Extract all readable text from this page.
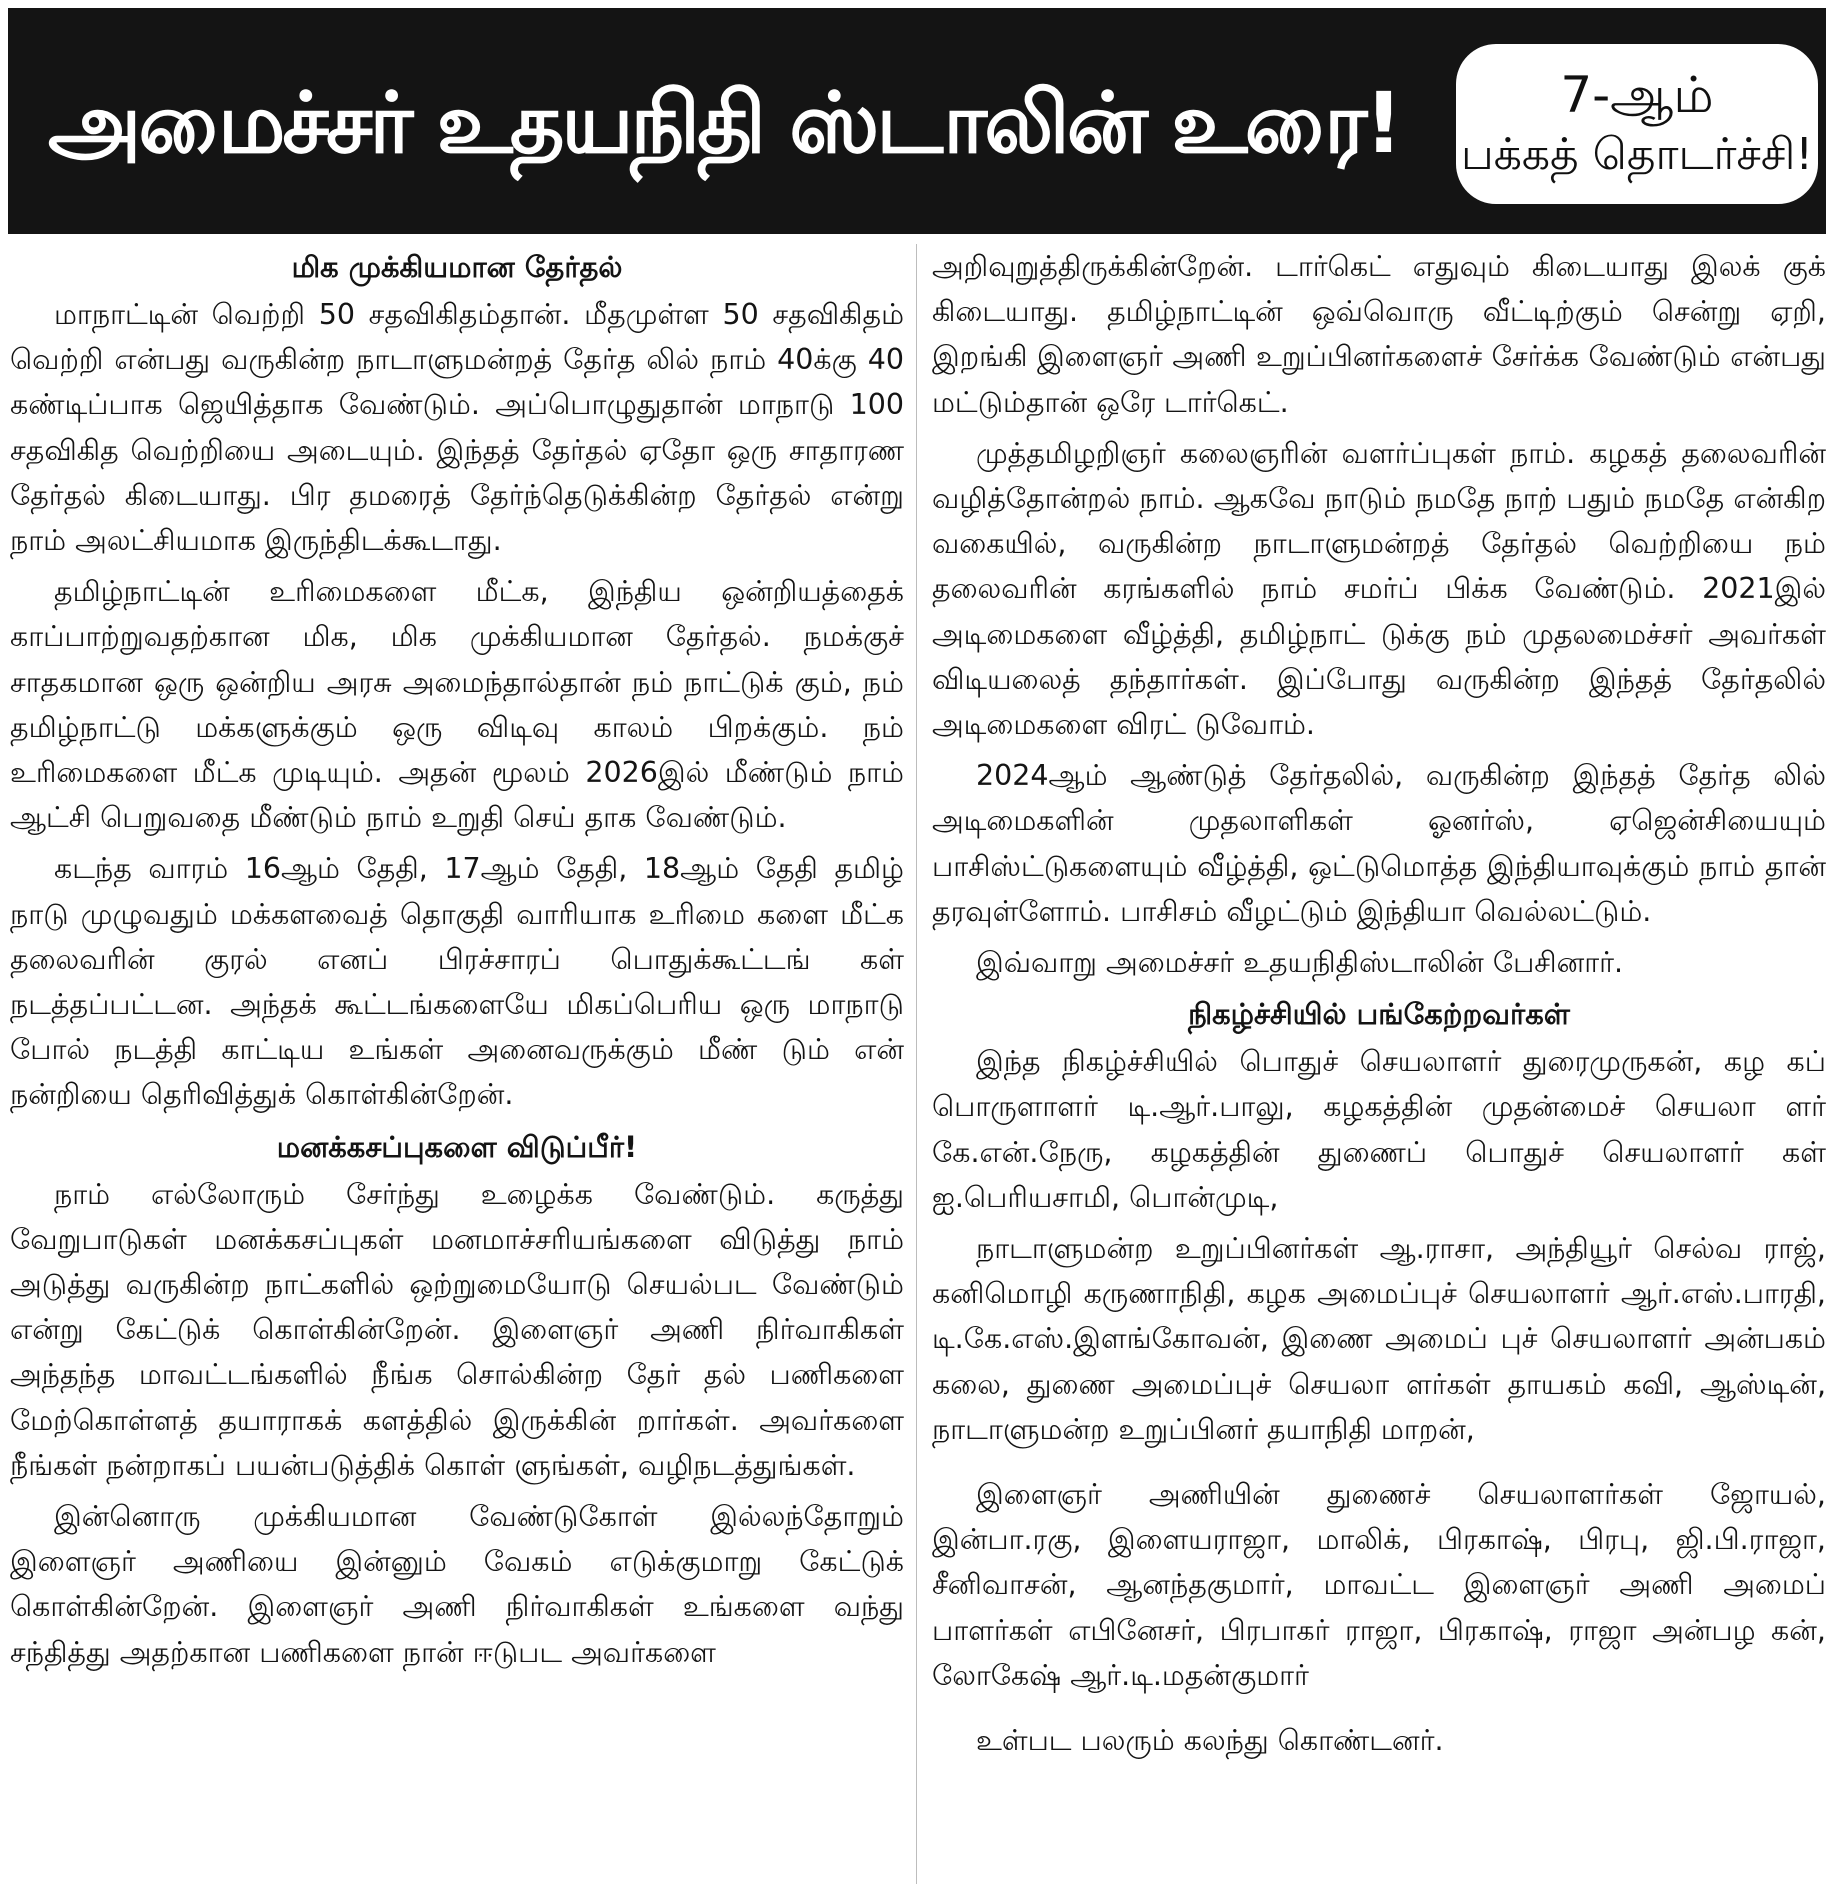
அமைச்சர் உதயநிதி ஸ்டாலின் உரை!	7-ஆம்
பக்கத் தொடர்ச்சி!
மிக முக்கியமான தேர்தல்

மாநாட்டின் வெற்றி 50 சதவிகிதம்தான். மீதமுள்ள 50 சதவிகிதம் வெற்றி என்பது வருகின்ற நாடாளுமன்றத் தேர்த லில் நாம் 40க்கு 40 கண்டிப்பாக ஜெயித்தாக வேண்டும். அப்பொழுதுதான் மாநாடு 100 சதவிகித வெற்றியை அடையும். இந்தத் தேர்தல் ஏதோ ஒரு சாதாரண தேர்தல் கிடையாது. பிர தமரைத் தேர்ந்தெடுக்கின்ற தேர்தல் என்று நாம் அலட்சியமாக இருந்திடக்கூடாது.

தமிழ்நாட்டின் உரிமைகளை மீட்க, இந்திய ஒன்றியத்தைக் காப்பாற்றுவதற்கான மிக, மிக முக்கியமான தேர்தல். நமக்குச் சாதகமான ஒரு ஒன்றிய அரசு அமைந்தால்தான் நம் நாட்டுக் கும், நம் தமிழ்நாட்டு மக்களுக்கும் ஒரு விடிவு காலம் பிறக்கும். நம் உரிமைகளை மீட்க முடியும். அதன் மூலம் 2026இல் மீண்டும் நாம் ஆட்சி பெறுவதை மீண்டும் நாம் உறுதி செய் தாக வேண்டும்.

கடந்த வாரம் 16ஆம் தேதி, 17ஆம் தேதி, 18ஆம் தேதி தமிழ் நாடு முழுவதும் மக்களவைத் தொகுதி வாரியாக உரிமை களை மீட்க தலைவரின் குரல் எனப் பிரச்சாரப் பொதுக்கூட்டங் கள் நடத்தப்பட்டன. அந்தக் கூட்டங்களையே மிகப்பெரிய ஒரு மாநாடு போல் நடத்தி காட்டிய உங்கள் அனைவருக்கும் மீண் டும் என் நன்றியை தெரிவித்துக் கொள்கின்றேன்.

மனக்கசப்புகளை விடுப்பீர்!

நாம் எல்லோரும் சேர்ந்து உழைக்க வேண்டும். கருத்து வேறுபாடுகள் மனக்கசப்புகள் மனமாச்சரியங்களை விடுத்து நாம் அடுத்து வருகின்ற நாட்களில் ஒற்றுமையோடு செயல்பட வேண்டும் என்று கேட்டுக் கொள்கின்றேன். இளைஞர் அணி நிர்வாகிகள் அந்தந்த மாவட்டங்களில் நீங்க சொல்கின்ற தேர் தல் பணிகளை மேற்கொள்ளத் தயாராகக் களத்தில் இருக்கின் றார்கள். அவர்களை நீங்கள் நன்றாகப் பயன்படுத்திக் கொள் ளுங்கள், வழிநடத்துங்கள்.

இன்னொரு முக்கியமான வேண்டுகோள் இல்லந்தோறும் இளைஞர் அணியை இன்னும் வேகம் எடுக்குமாறு கேட்டுக் கொள்கின்றேன். இளைஞர் அணி நிர்வாகிகள் உங்களை வந்து சந்தித்து அதற்கான பணிகளை நான் ஈடுபட அவர்களை

அறிவுறுத்திருக்கின்றேன். டார்கெட் எதுவும் கிடையாது இலக் குக் கிடையாது. தமிழ்நாட்டின் ஒவ்வொரு வீட்டிற்கும் சென்று ஏறி, இறங்கி இளைஞர் அணி உறுப்பினர்களைச் சேர்க்க வேண்டும் என்பது மட்டும்தான் ஒரே டார்கெட்.

முத்தமிழறிஞர் கலைஞரின் வளர்ப்புகள் நாம். கழகத் தலைவரின் வழித்தோன்றல் நாம். ஆகவே நாடும் நமதே நாற் பதும் நமதே என்கிற வகையில், வருகின்ற நாடாளுமன்றத் தேர்தல் வெற்றியை நம் தலைவரின் கரங்களில் நாம் சமர்ப் பிக்க வேண்டும். 2021இல் அடிமைகளை வீழ்த்தி, தமிழ்நாட் டுக்கு நம் முதலமைச்சர் அவர்கள் விடியலைத் தந்தார்கள். இப்போது வருகின்ற இந்தத் தேர்தலில் அடிமைகளை விரட் டுவோம்.

2024ஆம் ஆண்டுத் தேர்தலில், வருகின்ற இந்தத் தேர்த லில் அடிமைகளின் முதலாளிகள் ஓனர்ஸ், ஏஜென்சியையும் பாசிஸ்ட்டுகளையும் வீழ்த்தி, ஒட்டுமொத்த இந்தியாவுக்கும் நாம் தான் தரவுள்ளோம். பாசிசம் வீழட்டும் இந்தியா வெல்லட்டும்.

இவ்வாறு அமைச்சர் உதயநிதிஸ்டாலின் பேசினார்.

நிகழ்ச்சியில் பங்கேற்றவர்கள்

இந்த நிகழ்ச்சியில் பொதுச் செயலாளர் துரைமுருகன், கழ கப் பொருளாளர் டி.ஆர்.பாலு, கழகத்தின் முதன்மைச் செயலா ளர் கே.என்.நேரு, கழகத்தின் துணைப் பொதுச் செயலாளர் கள் ஐ.பெரியசாமி, பொன்முடி,

நாடாளுமன்ற உறுப்பினர்கள் ஆ.ராசா, அந்தியூர் செல்வ ராஜ், கனிமொழி கருணாநிதி, கழக அமைப்புச் செயலாளர் ஆர்.எஸ்.பாரதி, டி.கே.எஸ்.இளங்கோவன், இணை அமைப் புச் செயலாளர் அன்பகம் கலை, துணை அமைப்புச் செயலா ளர்கள் தாயகம் கவி, ஆஸ்டின், நாடாளுமன்ற உறுப்பினர் தயாநிதி மாறன்,

இளைஞர் அணியின் துணைச் செயலாளர்கள் ஜோயல், இன்பா.ரகு, இளையராஜா, மாலிக், பிரகாஷ், பிரபு, ஜி.பி.ராஜா, சீனிவாசன், ஆனந்தகுமார், மாவட்ட இளைஞர் அணி அமைப் பாளர்கள் எபினேசர், பிரபாகர் ராஜா, பிரகாஷ், ராஜா அன்பழ கன், லோகேஷ் ஆர்.டி.மதன்குமார்

உள்பட பலரும் கலந்து கொண்டனர்.
